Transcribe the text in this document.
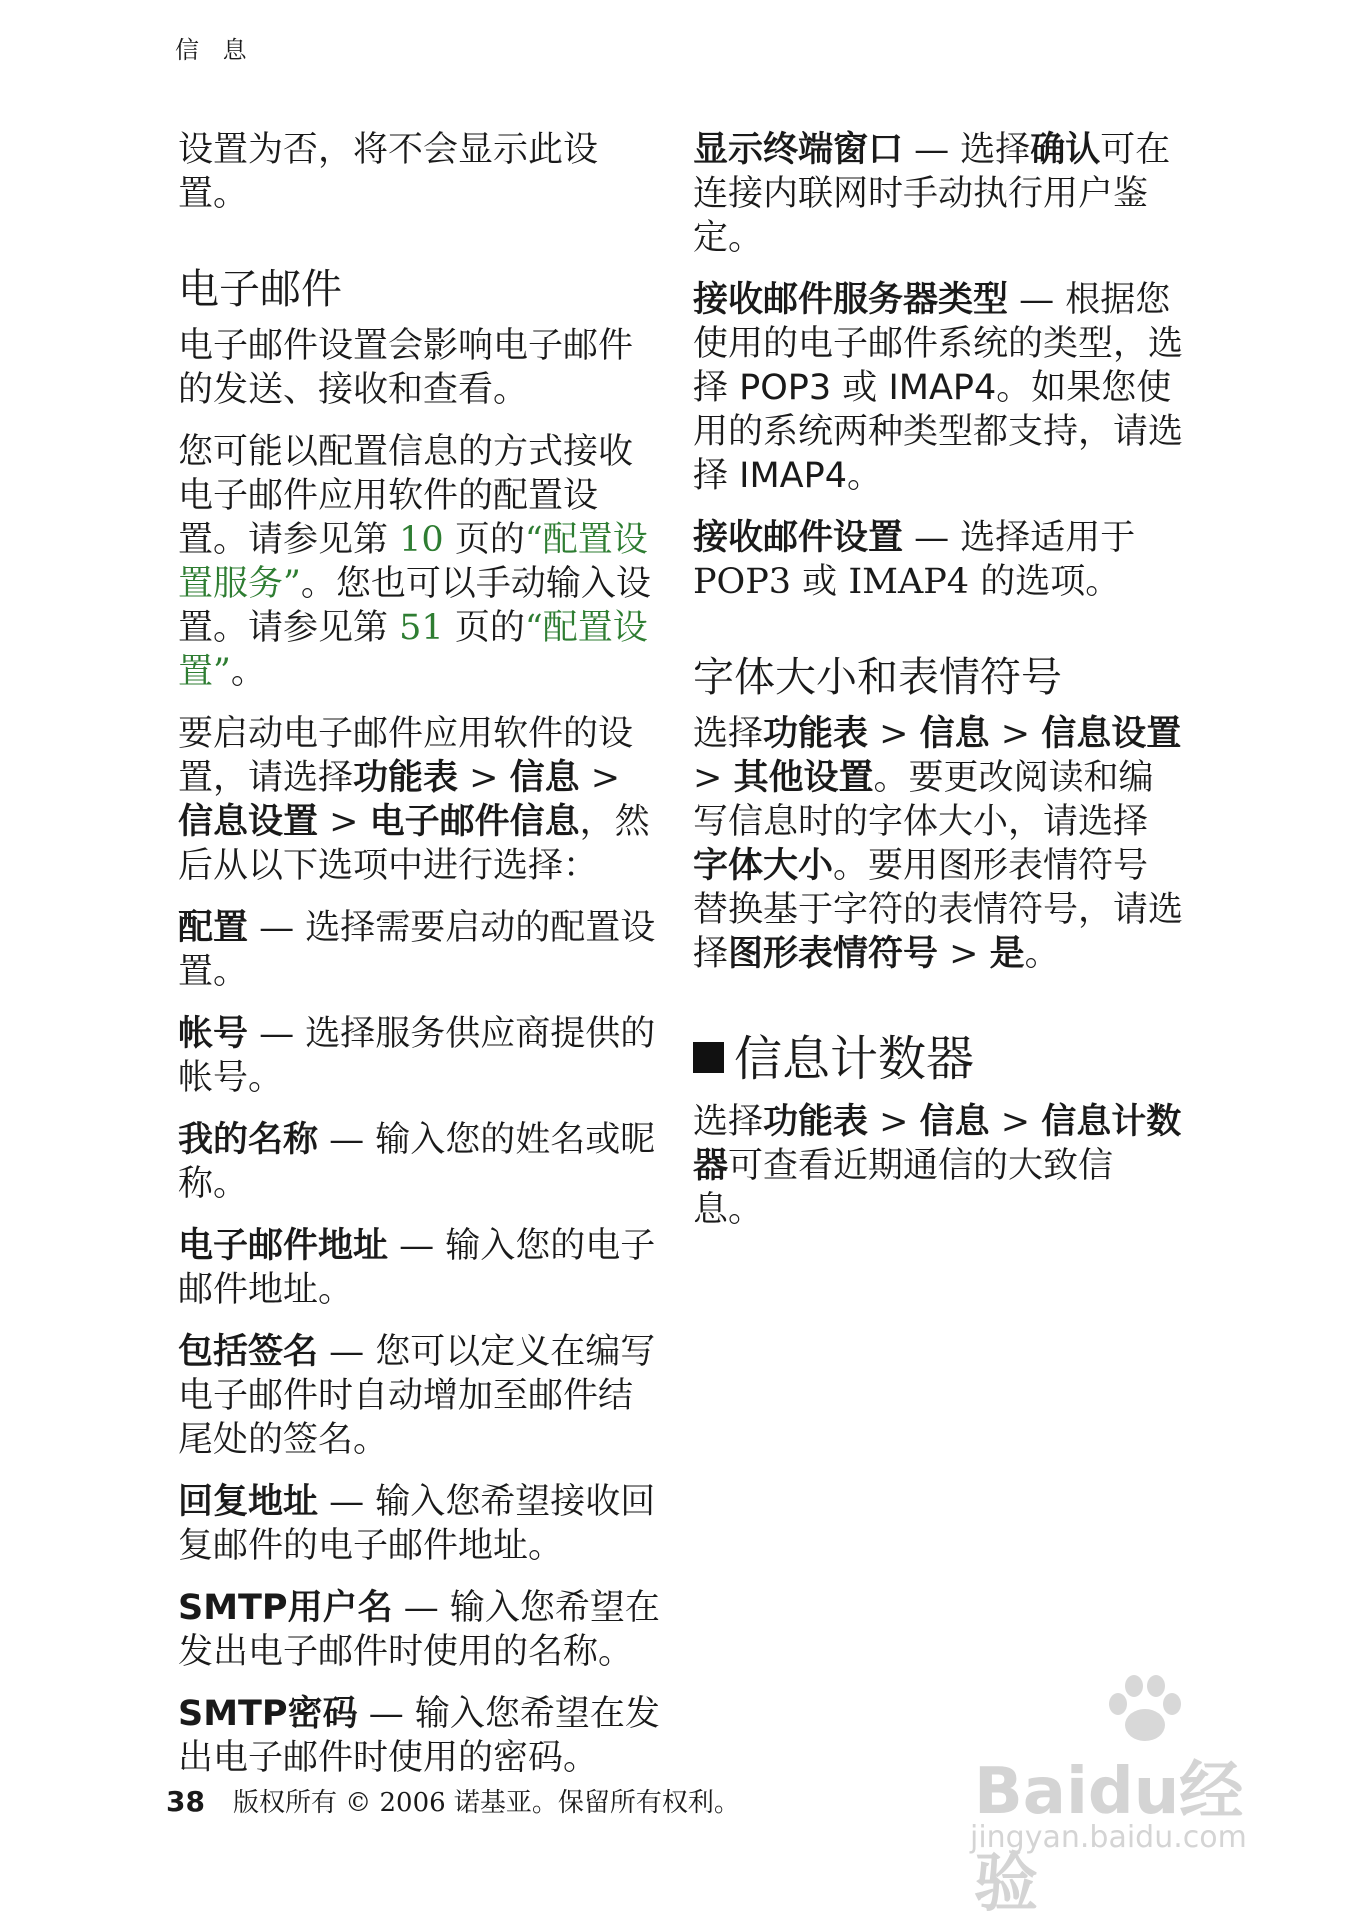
信 息

设置为否，将不会显示此设置。

电子邮件

电子邮件设置会影响电子邮件的发送、接收和查看。

您可能以配置信息的方式接收电子邮件应用软件的配置设置。请参见第 10 页的“配置设置服务”。您也可以手动输入设置。请参见第 51 页的“配置设置”。

要启动电子邮件应用软件的设置，请选择功能表 > 信息 > 信息设置 > 电子邮件信息，然后从以下选项中进行选择：

配置 — 选择需要启动的配置设置。

帐号 — 选择服务供应商提供的帐号。

我的名称 — 输入您的姓名或昵称。

电子邮件地址 — 输入您的电子邮件地址。

包括签名 — 您可以定义在编写电子邮件时自动增加至邮件结尾处的签名。

回复地址 — 输入您希望接收回复邮件的电子邮件地址。

SMTP用户名 — 输入您希望在发出电子邮件时使用的名称。

SMTP密码 — 输入您希望在发出电子邮件时使用的密码。

显示终端窗口 — 选择确认可在连接内联网时手动执行用户鉴定。

接收邮件服务器类型 — 根据您使用的电子邮件系统的类型，选择 POP3 或 IMAP4。如果您使用的系统两种类型都支持，请选择 IMAP4。

接收邮件设置 — 选择适用于 POP3 或 IMAP4 的选项。

字体大小和表情符号

选择功能表 > 信息 > 信息设置 > 其他设置。要更改阅读和编写信息时的字体大小，请选择字体大小。要用图形表情符号替换基于字符的表情符号，请选择图形表情符号 > 是。

信息计数器

选择功能表 > 信息 > 信息计数器可查看近期通信的大致信息。

38 版权所有 © 2006 诺基亚。保留所有权利。	Baidu经验
jingyan.baidu.com
